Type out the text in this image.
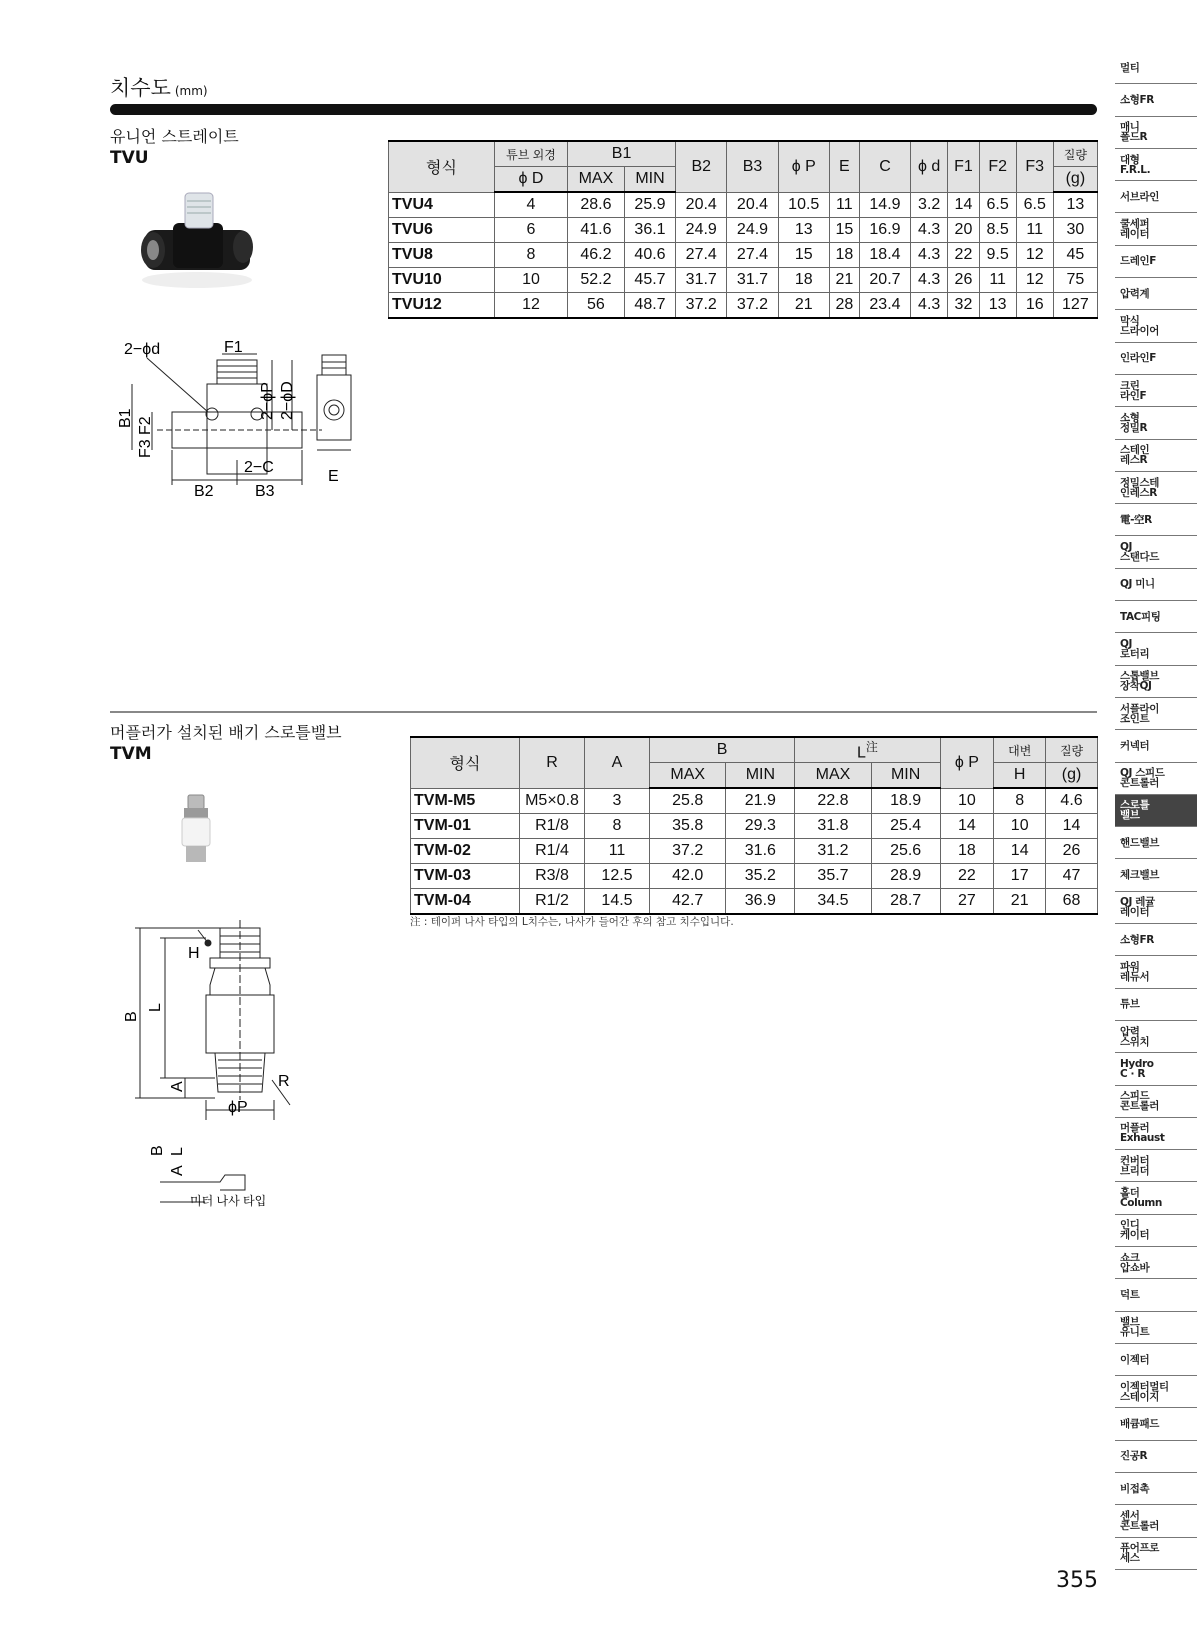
치수도 (mm)
유니언 스트레이트
TVU
2−ϕd	F1
2−ϕP 2−ϕD
B1 F2
F3
2−C
B2	B3
E
형식	튜브 외경	B1		B2	B3	ϕ P	E	C	ϕ d	F1	F2	F3	질량
	ϕ D	MAX	MIN										(g)
TVU4	4	28.6	25.9	20.4	20.4	10.5	11	14.9	3.2	14	6.5	6.5	13
TVU6	6	41.6	36.1	24.9	24.9	13	15	16.9	4.3	20	8.5	11	30
TVU8	8	46.2	40.6	27.4	27.4	15	18	18.4	4.3	22	9.5	12	45
TVU10	10	52.2	45.7	31.7	31.7	18	21	20.7	4.3	26	11	12	75
TVU12	12	56	48.7	37.2	37.2	21	28	23.4	4.3	32	13	16	127
머플러가 설치된 배기 스로틀밸브
TVM
H
B
L
A	R
ϕP
B L
A
미터 나사 타입
형식	R	A	B		$L^注$		ϕ P	대변	질량
			MAX	MIN	MAX	MIN		H	(g)
TVM-M5	M5×0.8	3	25.8	21.9	22.8	18.9	10	8	4.6
TVM-01	R1/8	8	35.8	29.3	31.8	25.4	14	10	14
TVM-02	R1/4	11	37.2	31.6	31.2	25.6	18	14	26
TVM-03	R3/8	12.5	42.0	35.2	35.7	28.9	22	17	47
TVM-04	R1/2	14.5	42.7	36.9	34.5	28.7	27	21	68
注 : 테이퍼 나사 타입의 L치수는, 나사가 들어간 후의 참고 치수입니다.
355
멀티
소형FR
매니
폴드R
대형
F.R.L.
서브라인
쿨세퍼
레이터
드레인F
압력계
막식
드라이어
인라인F
크린
라인F
소형
정밀R
스테인
레스R
정밀스테
인레스R
電-空R
QJ
스탠다드
QJ 미니
TAC피팅
QJ
로터리
스톱밸브
장착QJ
서플라이
조인트
커넥터
QJ 스피드
콘트롤러
스로틀
밸브
핸드밸브
체크밸브
QJ 레귤
레이터
소형FR
파워
레듀서
튜브
압력
스위치
Hydro
C · R
스피드
콘트롤러
머플러
Exhaust
컨버터
브리더
홀더
Column
인디
케이터
쇼크
압쇼바
덕트
밸브
유니트
이젝터
이젝터멀티
스테이지
배큠패드
진공R
비접촉
센서
콘트롤러
퓨어프로
세스
